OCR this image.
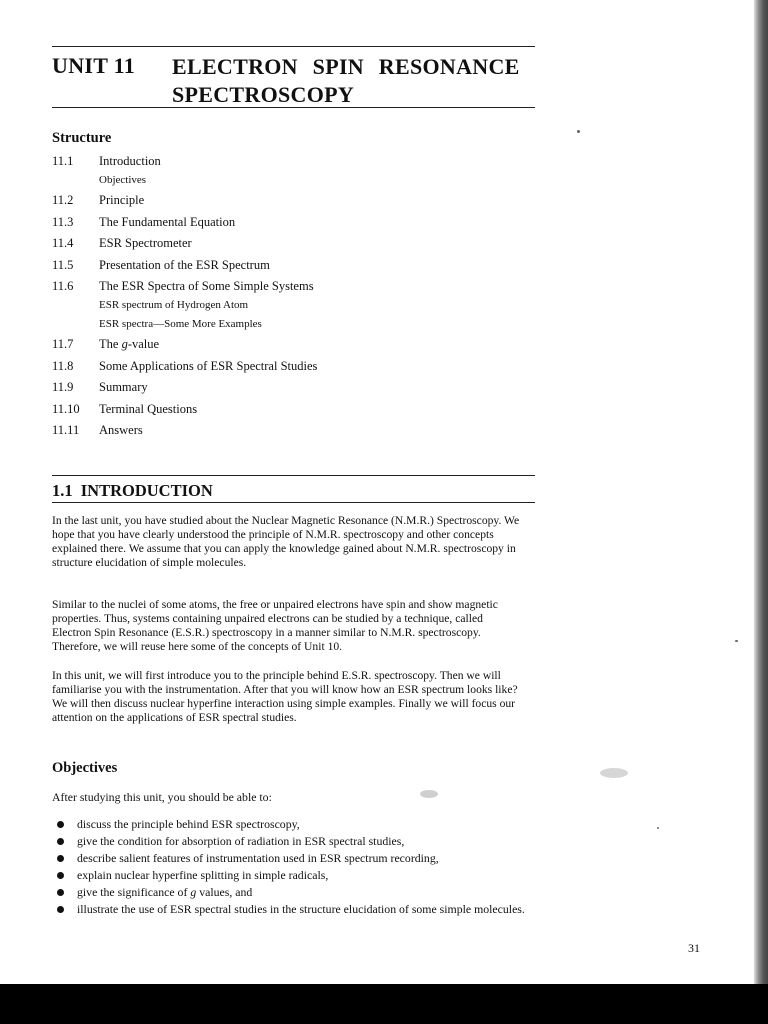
UNIT 11 ELECTRON SPIN RESONANCE SPECTROSCOPY
Structure
11.1	Introduction
Objectives
11.2	Principle
11.3	The Fundamental Equation
11.4	ESR Spectrometer
11.5	Presentation of the ESR Spectrum
11.6	The ESR Spectra of Some Simple Systems
ESR spectrum of Hydrogen Atom
ESR spectra—Some More Examples
11.7	The g-value
11.8	Some Applications of ESR Spectral Studies
11.9	Summary
11.10	Terminal Questions
11.11	Answers
1.1 INTRODUCTION
In the last unit, you have studied about the Nuclear Magnetic Resonance (N.M.R.) Spectroscopy. We hope that you have clearly understood the principle of N.M.R. spectroscopy and other concepts explained there. We assume that you can apply the knowledge gained about N.M.R. spectroscopy in structure elucidation of simple molecules.
Similar to the nuclei of some atoms, the free or unpaired electrons have spin and show magnetic properties. Thus, systems containing unpaired electrons can be studied by a technique, called Electron Spin Resonance (E.S.R.) spectroscopy in a manner similar to N.M.R. spectroscopy. Therefore, we will reuse here some of the concepts of Unit 10.
In this unit, we will first introduce you to the principle behind E.S.R. spectroscopy. Then we will familiarise you with the instrumentation. After that you will know how an ESR spectrum looks like? We will then discuss nuclear hyperfine interaction using simple examples. Finally we will focus our attention on the applications of ESR spectral studies.
Objectives
After studying this unit, you should be able to:
discuss the principle behind ESR spectroscopy,
give the condition for absorption of radiation in ESR spectral studies,
describe salient features of instrumentation used in ESR spectrum recording,
explain nuclear hyperfine splitting in simple radicals,
give the significance of g values, and
illustrate the use of ESR spectral studies in the structure elucidation of some simple molecules.
31
